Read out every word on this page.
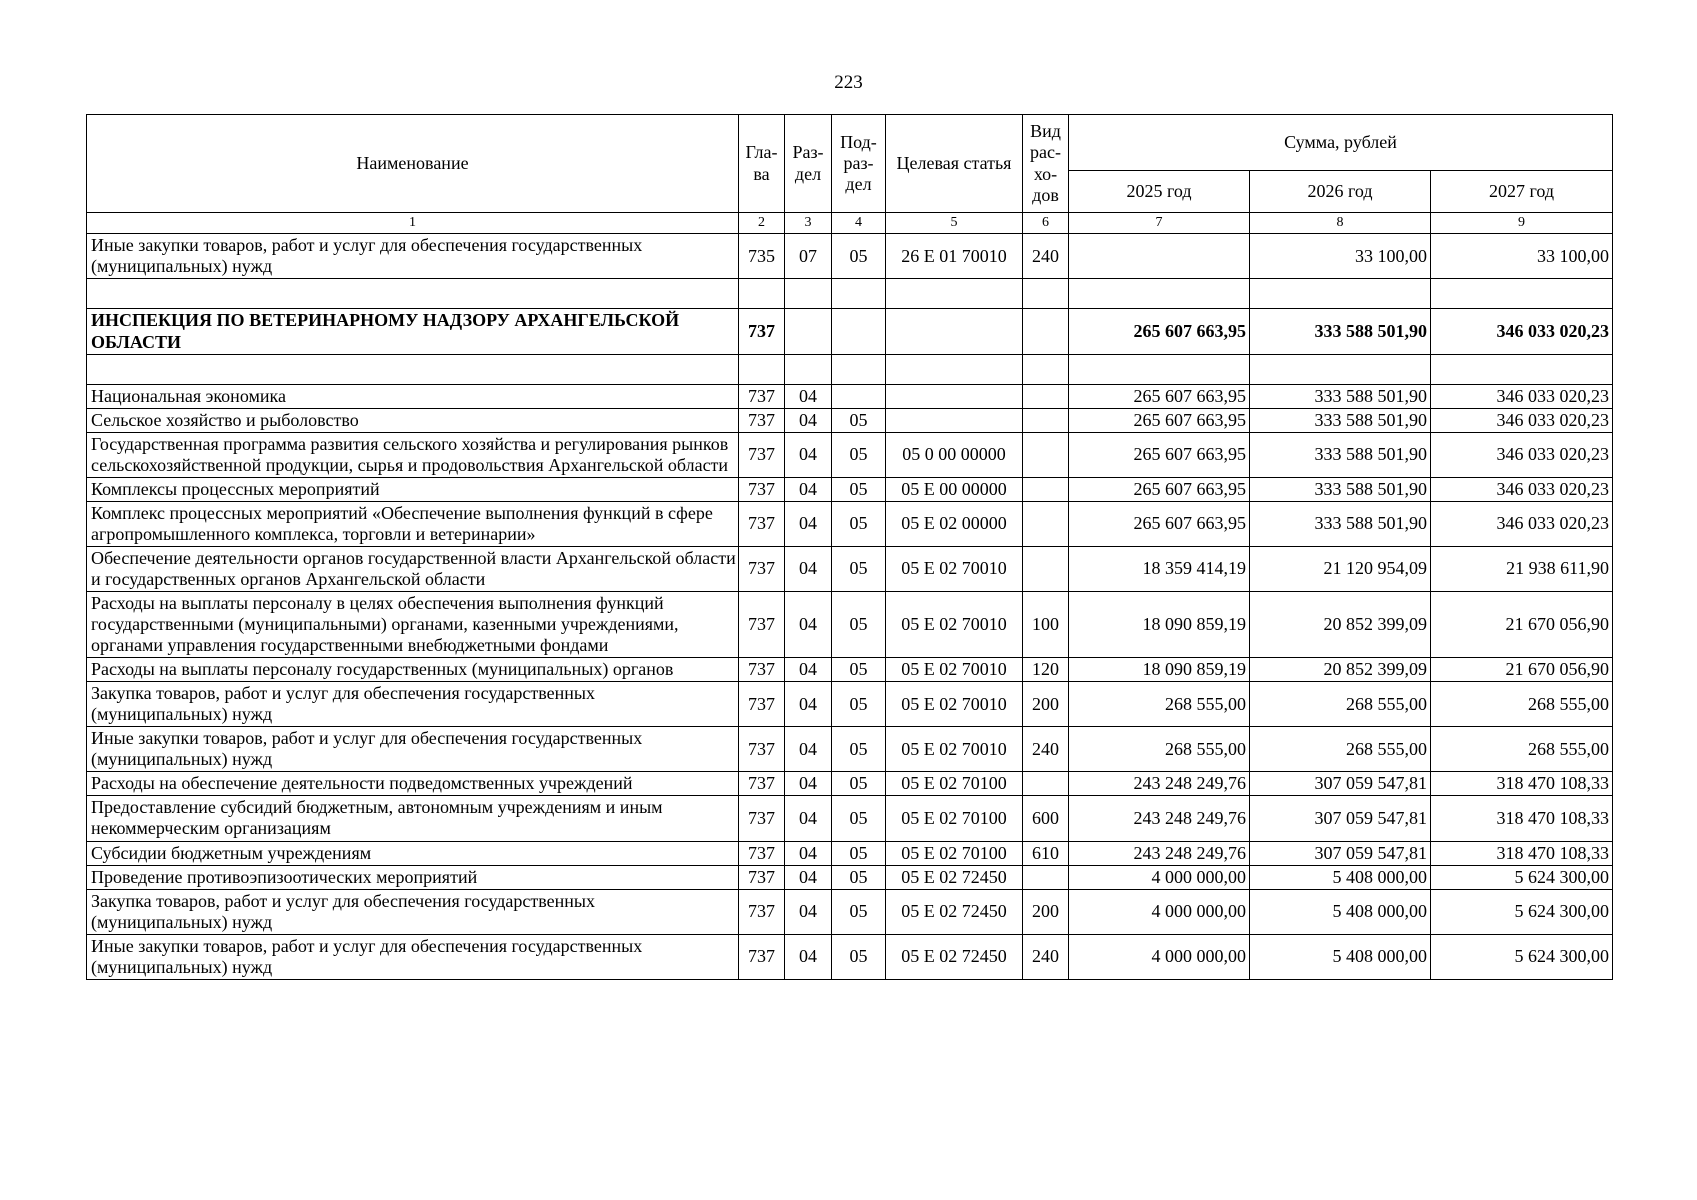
223
Наименование	Гла-ва	Раз-дел	Под-раз-дел	Целевая статья	Вид рас-хо-дов	Сумма, рублей		
						2025 год	2026 год	2027 год
1	2	3	4	5	6	7	8	9
Иные закупки товаров, работ и услуг для обеспечения государственных (муниципальных) нужд	735	07	05	26 Е 01 70010	240		33 100,00	33 100,00

ИНСПЕКЦИЯ ПО ВЕТЕРИНАРНОМУ НАДЗОРУ АРХАНГЕЛЬСКОЙ ОБЛАСТИ	737					265 607 663,95	333 588 501,90	346 033 020,23

Национальная экономика	737	04				265 607 663,95	333 588 501,90	346 033 020,23
Сельское хозяйство и рыболовство	737	04	05			265 607 663,95	333 588 501,90	346 033 020,23
Государственная программа развития сельского хозяйства и регулирования рынков сельскохозяйственной продукции, сырья и продовольствия Архангельской области	737	04	05	05 0 00 00000		265 607 663,95	333 588 501,90	346 033 020,23
Комплексы процессных мероприятий	737	04	05	05 Е 00 00000		265 607 663,95	333 588 501,90	346 033 020,23
Комплекс процессных мероприятий «Обеспечение выполнения функций в сфере агропромышленного комплекса, торговли и ветеринарии»	737	04	05	05 Е 02 00000		265 607 663,95	333 588 501,90	346 033 020,23
Обеспечение деятельности органов государственной власти Архангельской области и государственных органов Архангельской области	737	04	05	05 Е 02 70010		18 359 414,19	21 120 954,09	21 938 611,90
Расходы на выплаты персоналу в целях обеспечения выполнения функций государственными (муниципальными) органами, казенными учреждениями, органами управления государственными внебюджетными фондами	737	04	05	05 Е 02 70010	100	18 090 859,19	20 852 399,09	21 670 056,90
Расходы на выплаты персоналу государственных (муниципальных) органов	737	04	05	05 Е 02 70010	120	18 090 859,19	20 852 399,09	21 670 056,90
Закупка товаров, работ и услуг для обеспечения государственных (муниципальных) нужд	737	04	05	05 Е 02 70010	200	268 555,00	268 555,00	268 555,00
Иные закупки товаров, работ и услуг для обеспечения государственных (муниципальных) нужд	737	04	05	05 Е 02 70010	240	268 555,00	268 555,00	268 555,00
Расходы на обеспечение деятельности подведомственных учреждений	737	04	05	05 Е 02 70100		243 248 249,76	307 059 547,81	318 470 108,33
Предоставление субсидий бюджетным, автономным учреждениям и иным некоммерческим организациям	737	04	05	05 Е 02 70100	600	243 248 249,76	307 059 547,81	318 470 108,33
Субсидии бюджетным учреждениям	737	04	05	05 Е 02 70100	610	243 248 249,76	307 059 547,81	318 470 108,33
Проведение противоэпизоотических мероприятий	737	04	05	05 Е 02 72450		4 000 000,00	5 408 000,00	5 624 300,00
Закупка товаров, работ и услуг для обеспечения государственных (муниципальных) нужд	737	04	05	05 Е 02 72450	200	4 000 000,00	5 408 000,00	5 624 300,00
Иные закупки товаров, работ и услуг для обеспечения государственных (муниципальных) нужд	737	04	05	05 Е 02 72450	240	4 000 000,00	5 408 000,00	5 624 300,00
